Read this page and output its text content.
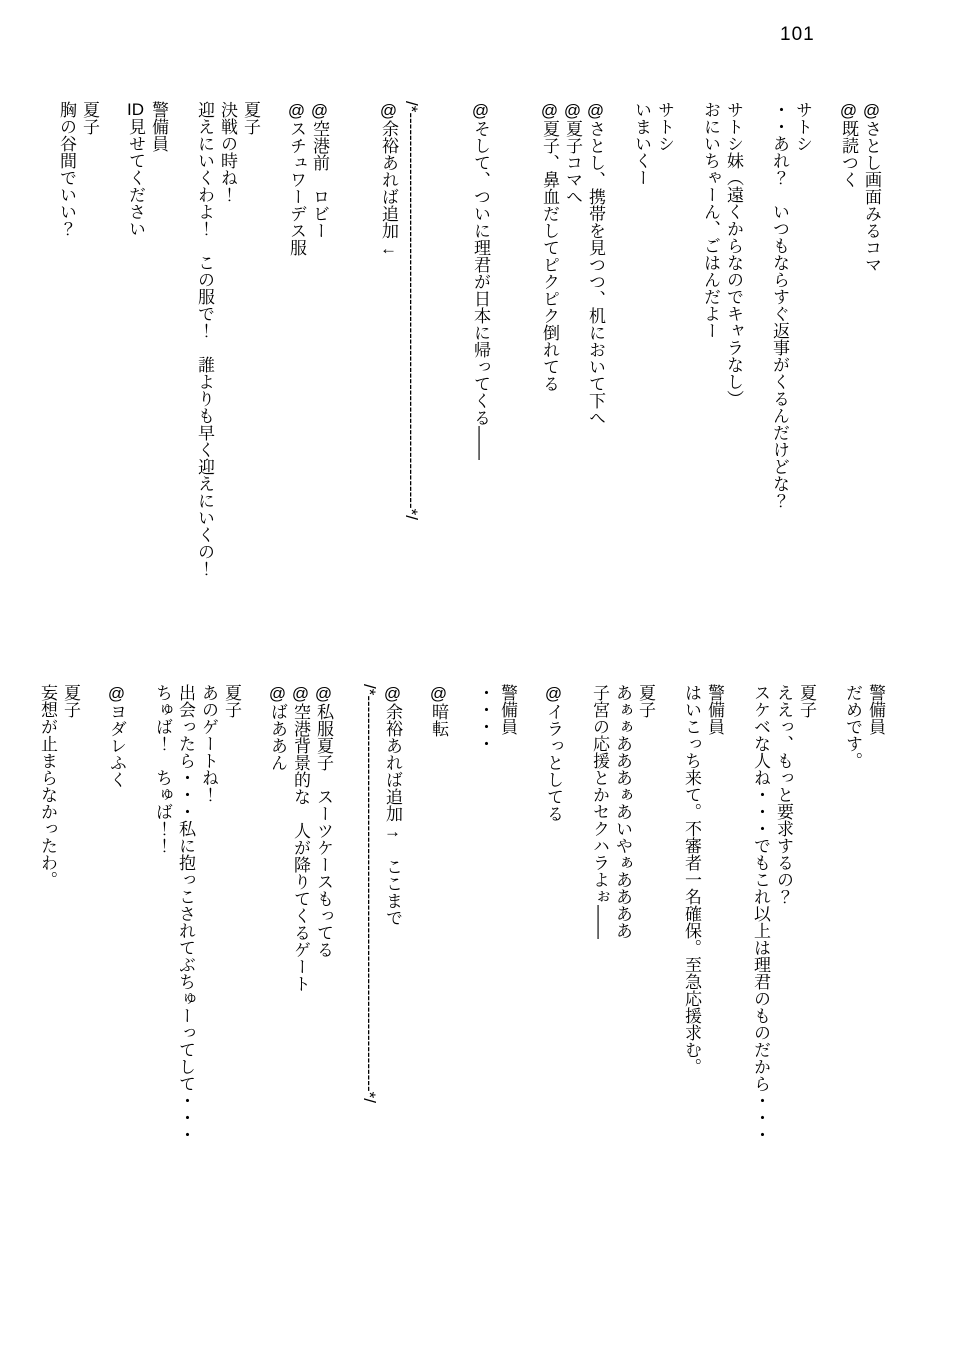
101
@さとし画面みるコマ
@既読つく

サトシ
・・あれ？　いつもならすぐ返事がくるんだけどな？

サトシ妹（遠くからなのでキャラなし）
おにいちゃーん、ごはんだよー

サトシ
いまいくー

@さとし、携帯を見つつ、机において下へ
@夏子コマへ
@夏子、鼻血だしてピクピク倒れてる

@そして、ついに理君が日本に帰ってくる――

/*----------------------------------------------------------------------*/
@余裕あれば追加←

@空港前　ロビー
@スチュワーデス服

夏子
決戦の時ね！
迎えにいくわよ！　この服で！　誰よりも早く迎えにいくの！

警備員
ID見せてください

夏子
胸の谷間でいい？
警備員
だめです。

夏子
ええっ、もっと要求するの？
スケベな人ね・・・でもこれ以上は理君のものだから・・・

警備員
はいこっち来て。不審者一名確保。至急応援求む。

夏子
あぁぁあああぁあいやぁああああ
子宮の応援とかセクハラよぉ――

@イラっとしてる

警備員
・・・・

@暗転

@余裕あれば追加→　ここまで
/*----------------------------------------------------------------------*/

@私服夏子　スーツケースもってる
@空港背景的な　人が降りてくるゲート
@ばああん

夏子
あのゲートね！
出会ったら・・・私に抱っこされてぶちゅーってして・・・
ちゅば！　ちゅば！！

@ヨダレふく

夏子
妄想が止まらなかったわ。
